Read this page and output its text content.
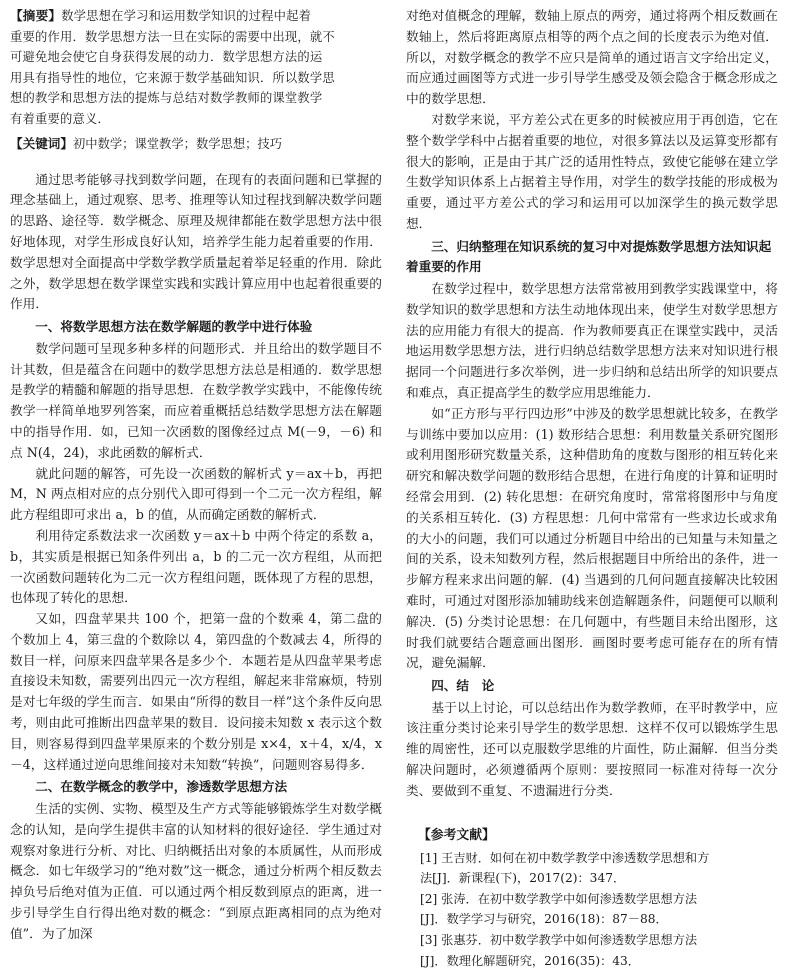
【摘要】数学思想在学习和运用数学知识的过程中起着

重要的作用．数学思想方法一旦在实际的需要中出现，就不

可避免地会使它自身获得发展的动力．数学思想方法的运

用具有指导性的地位，它来源于数学基础知识．所以数学思

想的教学和思想方法的提炼与总结对数学教师的课堂教学

有着重要的意义．

【关键词】初中数学；课堂教学；数学思想；技巧

通过思考能够寻找到数学问题，在现有的表面问题和已掌握的理念基础上，通过观察、思考、推理等认知过程找到解决数学问题的思路、途径等．数学概念、原理及规律都能在数学思想方法中很好地体现，对学生形成良好认知，培养学生能力起着重要的作用．数学思想对全面提高中学数学教学质量起着举足轻重的作用．除此之外，数学思想在数学课堂实践和实践计算应用中也起着很重要的作用．

一、将数学思想方法在数学解题的教学中进行体验

数学问题可呈现多种多样的问题形式．并且给出的数学题目不计其数，但是蕴含在问题中的数学思想方法总是相通的．数学思想是教学的精髓和解题的指导思想．在数学教学实践中，不能像传统教学一样简单地罗列答案，而应着重概括总结数学思想方法在解题中的指导作用．如，已知一次函数的图像经过点 M(－9，－6) 和点 N(4，24)，求此函数的解析式．

就此问题的解答，可先设一次函数的解析式 y＝ax＋b，再把 M，N 两点相对应的点分别代入即可得到一个二元一次方程组，解此方程组即可求出 a，b 的值，从而确定函数的解析式．

利用待定系数法求一次函数 y＝ax＋b 中两个待定的系数 a，b，其实质是根据已知条件列出 a，b 的二元一次方程组，从而把一次函数问题转化为二元一次方程组问题，既体现了方程的思想，也体现了转化的思想．

又如，四盘苹果共 100 个，把第一盘的个数乘 4，第二盘的个数加上 4，第三盘的个数除以 4，第四盘的个数减去 4，所得的数目一样，问原来四盘苹果各是多少个．本题若是从四盘苹果考虑直接设未知数，需要列出四元一次方程组，解起来非常麻烦，特别是对七年级的学生而言．如果由“所得的数目一样”这个条件反向思考，则由此可推断出四盘苹果的数目．设问接未知数 x 表示这个数目，则容易得到四盘苹果原来的个数分别是 x×4，x＋4，x/4，x－4，这样通过逆向思维间接对未知数“转换”，问题则容易得多．

二、在数学概念的教学中，渗透数学思想方法

生活的实例、实物、模型及生产方式等能够锻炼学生对数学概念的认知，是向学生提供丰富的认知材料的很好途径．学生通过对观察对象进行分析、对比、归纳概括出对象的本质属性，从而形成概念．如七年级学习的“绝对数”这一概念，通过分析两个相反数去掉负号后绝对值为正值．可以通过两个相反数到原点的距离，进一步引导学生自行得出绝对数的概念：“到原点距离相同的点为绝对值”．为了加深

对绝对值概念的理解，数轴上原点的两旁，通过将两个相反数画在数轴上，然后将距离原点相等的两个点之间的长度表示为绝对值．所以，对数学概念的教学不应只是简单的通过语言文字给出定义，而应通过画图等方式进一步引导学生感受及领会隐含于概念形成之中的数学思想．

对数学来说，平方差公式在更多的时候被应用于再创造，它在整个数学学科中占据着重要的地位，对很多算法以及运算变形都有很大的影响，正是由于其广泛的适用性特点，致使它能够在建立学生数学知识体系上占据着主导作用，对学生的数学技能的形成极为重要，通过平方差公式的学习和运用可以加深学生的换元数学思想．

三、归纳整理在知识系统的复习中对提炼数学思想方法知识起着重要的作用

在数学过程中，数学思想方法常常被用到教学实践课堂中，将数学知识的数学思想和方法生动地体现出来，使学生对数学思想方法的应用能力有很大的提高．作为教师要真正在课堂实践中，灵活地运用数学思想方法，进行归纳总结数学思想方法来对知识进行根据同一个问题进行多次举例，进一步归纳和总结出所学的知识要点和难点，真正提高学生的数学应用思维能力．

如“正方形与平行四边形”中涉及的数学思想就比较多，在教学与训练中要加以应用：(1) 数形结合思想：利用数量关系研究图形或利用图形研究数量关系，这种借助角的度数与图形的相互转化来研究和解决数学问题的数形结合思想，在进行角度的计算和证明时经常会用到．(2) 转化思想：在研究角度时，常常将图形中与角度的关系相互转化．(3) 方程思想：几何中常常有一些求边长或求角的大小的问题，我们可以通过分析题目中给出的已知量与未知量之间的关系，设未知数列方程，然后根据题目中所给出的条件，进一步解方程来求出问题的解．(4) 当遇到的几何问题直接解决比较困难时，可通过对图形添加辅助线来创造解题条件，问题便可以顺利解决．(5) 分类讨论思想：在几何题中，有些题目未给出图形，这时我们就要结合题意画出图形．画图时要考虑可能存在的所有情况，避免漏解．

四、结　论

基于以上讨论，可以总结出作为数学教师，在平时教学中，应该注重分类讨论来引导学生的数学思想．这样不仅可以锻炼学生思维的周密性，还可以克服数学思维的片面性，防止漏解．但当分类解决问题时，必须遵循两个原则：要按照同一标准对待每一次分类、要做到不重复、不遗漏进行分类．

【参考文献】

[1] 王吉财．如何在初中数学教学中渗透数学思想和方
法[J]．新课程(下)，2017(2)：347．

[2] 张涛．在初中数学教学中如何渗透数学思想方法
[J]．数学学习与研究，2016(18)：87－88．

[3] 张惠芬．初中数学教学中如何渗透数学思想方法
[J]．数理化解题研究，2016(35)：43．
